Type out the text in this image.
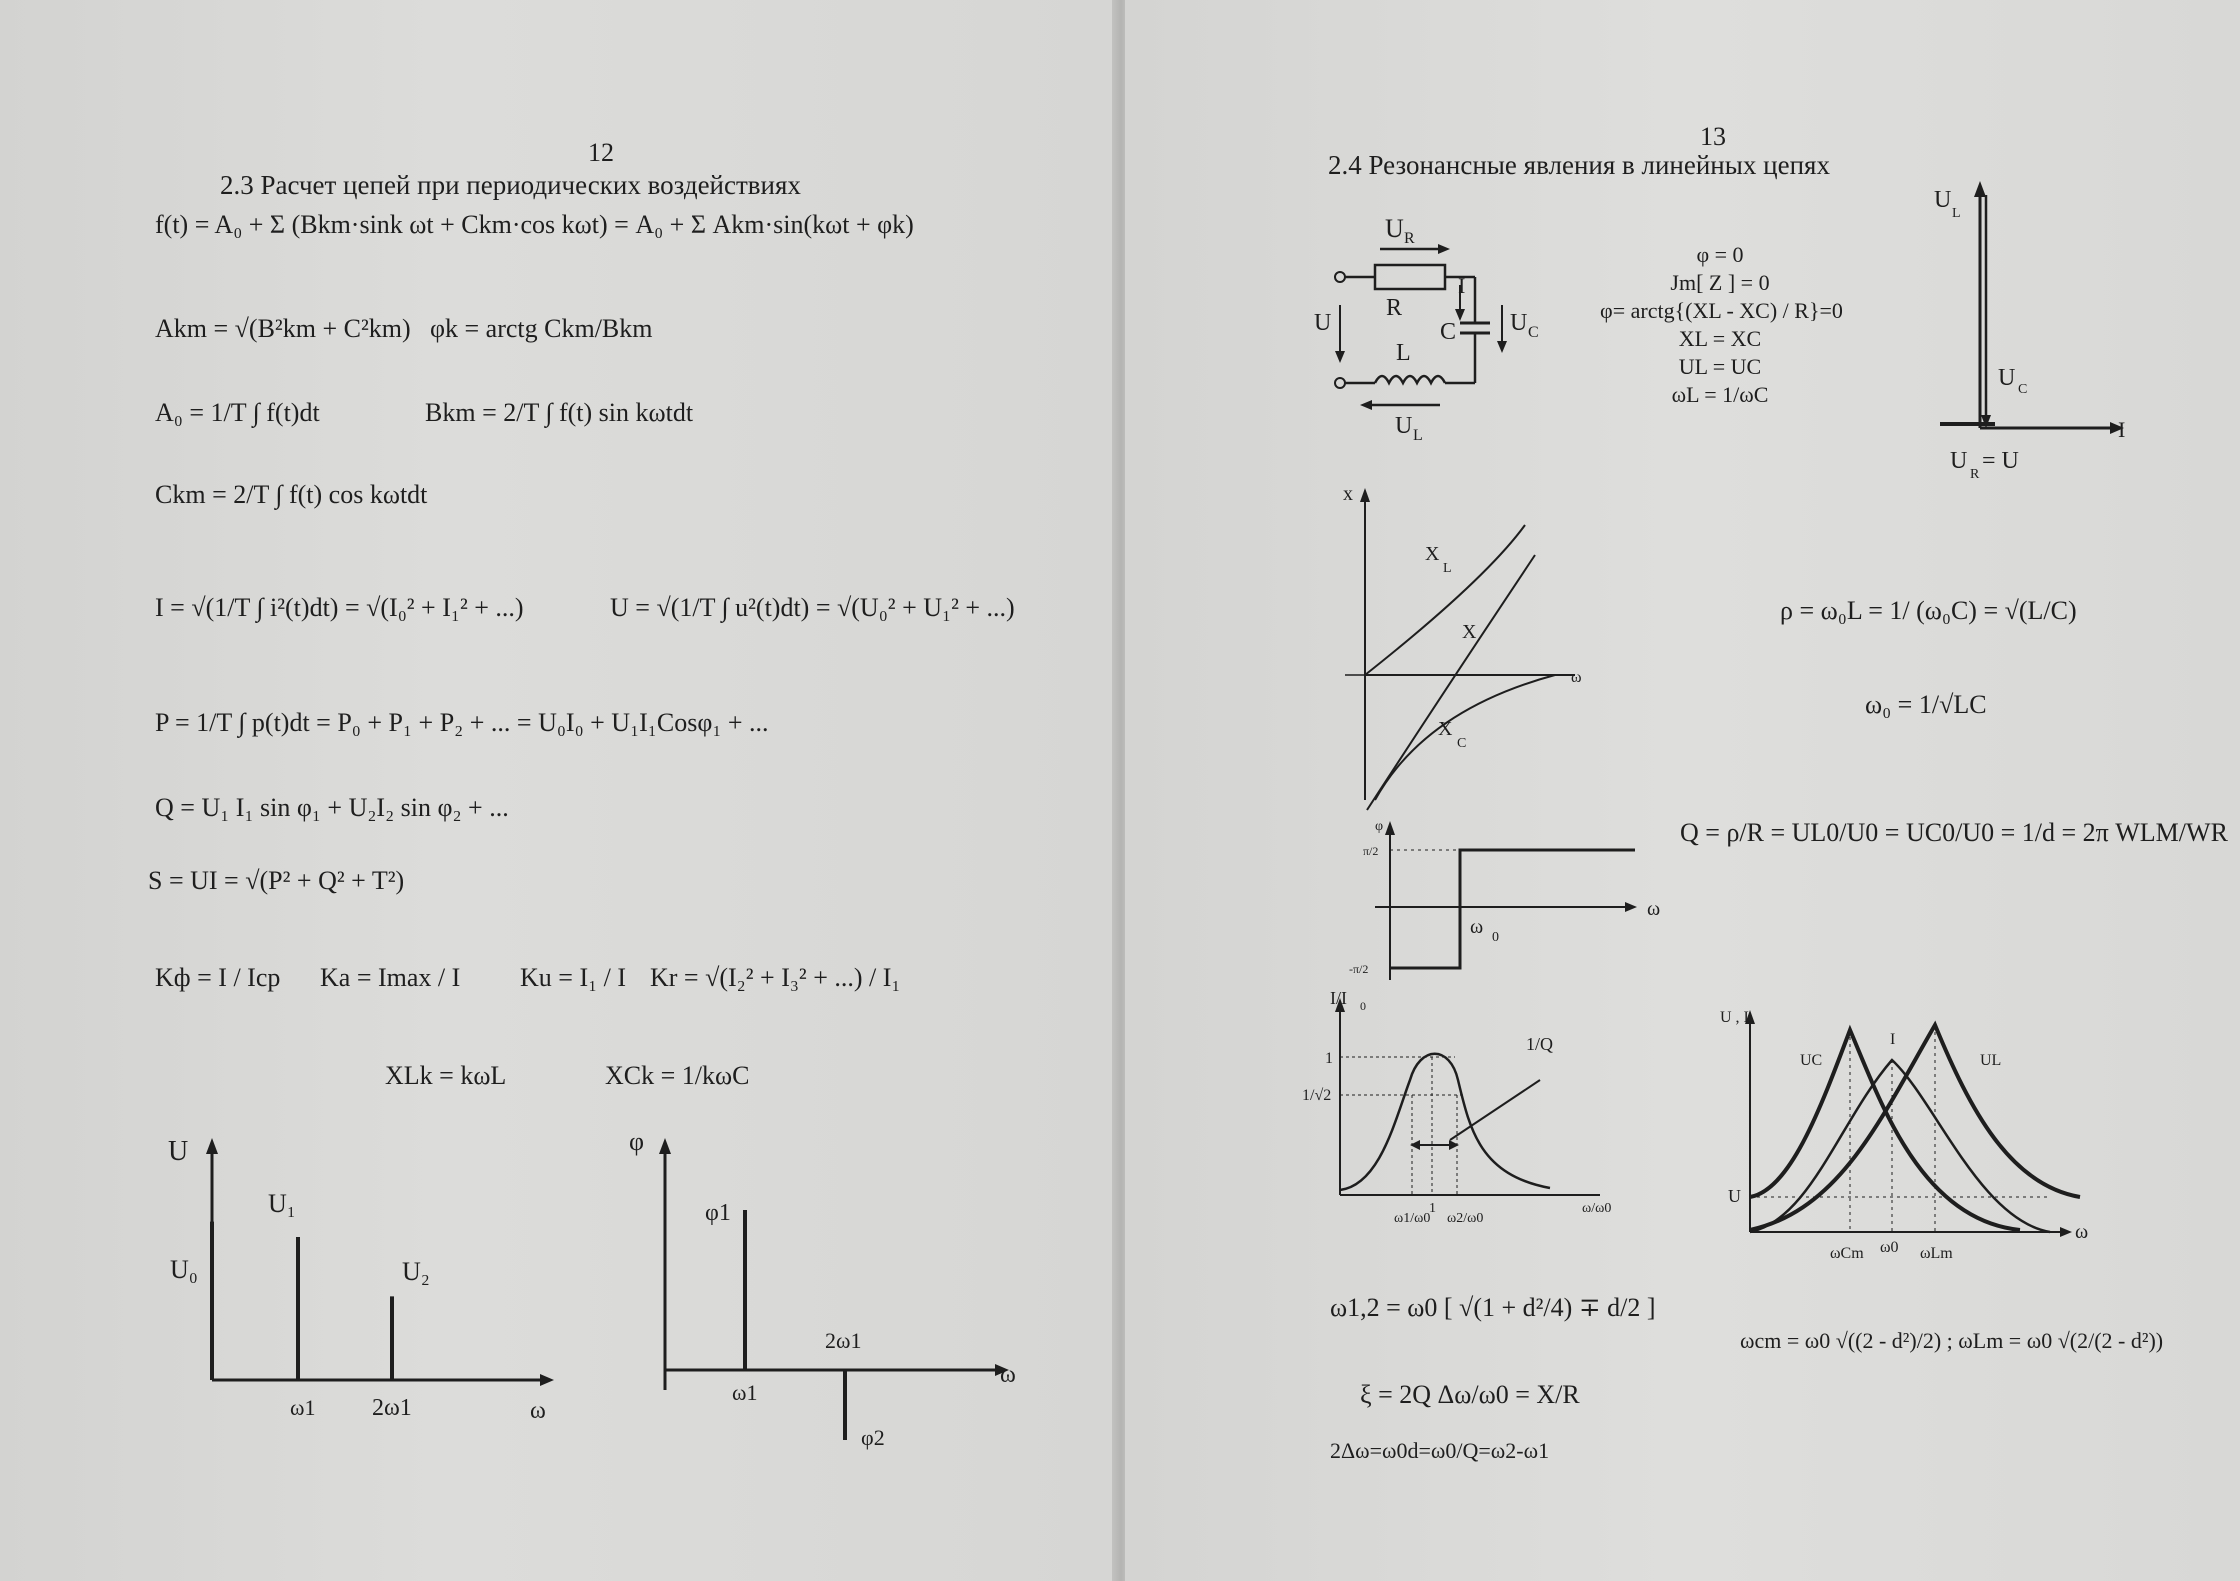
12
2.3 Расчет цепей при периодических воздействиях
f(t) = A₀ + Σ (Bkm·sink ωt + Ckm·cos kωt) = A₀ + Σ Akm·sin(kωt + φk)
Akm = √(B²km + C²km) φk = arctg Ckm/Bkm
A₀ = 1/T ∫ f(t)dt	Bkm = 2/T ∫ f(t) sin kωtdt
Ckm = 2/T ∫ f(t) cos kωtdt
I = √(1/T ∫ i²(t)dt) = √(I₀² + I₁² + ...)	U = √(1/T ∫ u²(t)dt) = √(U₀² + U₁² + ...)
P = 1/T ∫ p(t)dt = P₀ + P₁ + P₂ + ... = U₀I₀ + U₁I₁Cosφ₁ + ...
Q = U₁ I₁ sin φ₁ + U₂I₂ sin φ₂ + ...
S = UI = √(P² + Q² + T²)
Kф = I / Iср Ka = Imax / I Ku = I₁ / I Kr = √(I₂² + I₃² + ...) / I₁
XLk = kωL	XCk = 1/kωC
U
ω
U₀
U₁
U₂
ω1 2ω1
φ
ω
φ1
φ2
ω1
2ω1
13
2.4 Резонансные явления в линейных цепях
U R
R
I
C U C
U
L
U L
φ = 0
Jm[ Z ] = 0
φ= arctg{(XL - XC) / R}=0
XL = XC
UL = UC
ωL = 1/ωC
U
L
U C
I
U
R
= U
x
ω
X
L
X
X
C
φ
ω
π/2
-π/2
ω 0
ρ = ω₀L = 1/ (ω₀C) = √(L/C)
ω₀ = 1/√LC
Q = ρ/R = UL0/U0 = UC0/U0 = 1/d = 2π WLM/WR
I/I 0
1
1/√2
ω1/ω0
1
ω2/ω0
ω/ω0
1/Q
ω1,2 = ω0 [ √(1 + d²/4) ∓ d/2 ]
ξ = 2Q Δω/ω0 = X/R
2Δω=ω0d=ω0/Q=ω2-ω1
U , I
ω
U
ωCm ω0 ωLm
UC
I
UL
ωcm = ω0 √((2 - d²)/2) ; ωLm = ω0 √(2/(2 - d²))
